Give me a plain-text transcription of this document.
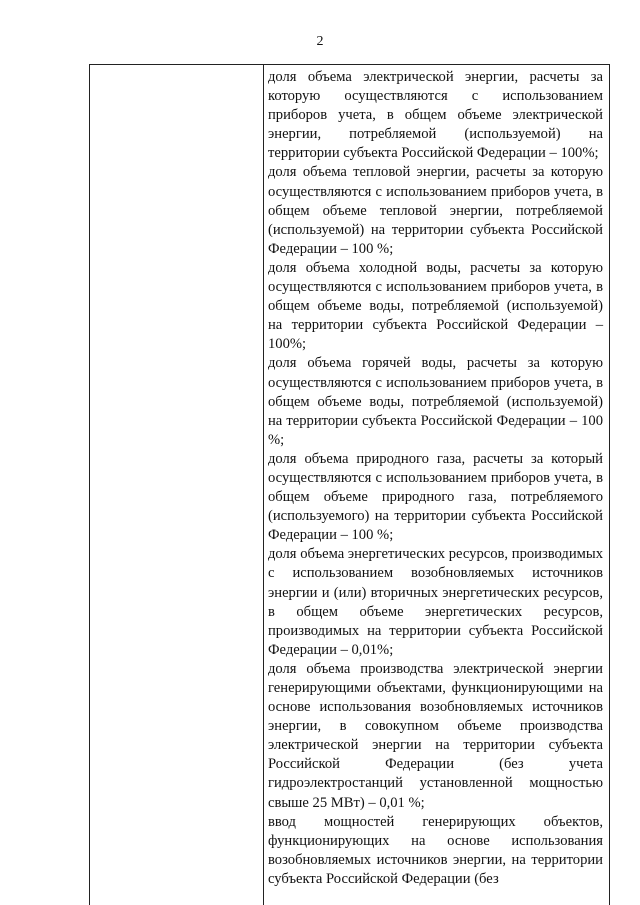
2
доля объема электрической энергии, расчеты за которую осуществляются с использованием приборов учета, в общем объеме электрической энергии, потребляемой (используемой) на территории субъекта Российской Федерации – 100%;
доля объема тепловой энергии, расчеты за которую осуществляются с использованием приборов учета, в общем объеме тепловой энергии, потребляемой (используемой) на территории субъекта Российской Федерации – 100 %;
доля объема холодной воды, расчеты за которую осуществляются с использованием приборов учета, в общем объеме воды, потребляемой (используемой) на территории субъекта Российской Федерации – 100%;
доля объема горячей воды, расчеты за которую осуществляются с использованием приборов учета, в общем объеме воды, потребляемой (используемой) на территории субъекта Российской Федерации – 100 %;
доля объема природного газа, расчеты за который осуществляются с использованием приборов учета, в общем объеме природного газа, потребляемого (используемого) на территории субъекта Российской Федерации – 100 %;
доля объема энергетических ресурсов, производимых с использованием возобновляемых источников энергии и (или) вторичных энергетических ресурсов, в общем объеме энергетических ресурсов, производимых на территории субъекта Российской Федерации – 0,01%;
доля объема производства электрической энергии генерирующими объектами, функционирующими на основе использования возобновляемых источников энергии, в совокупном объеме производства электрической энергии на территории субъекта Российской Федерации (без учета гидроэлектростанций установленной мощностью свыше 25 МВт) – 0,01 %;
ввод мощностей генерирующих объектов, функционирующих на основе использования возобновляемых источников энергии, на территории субъекта Российской Федерации (без
